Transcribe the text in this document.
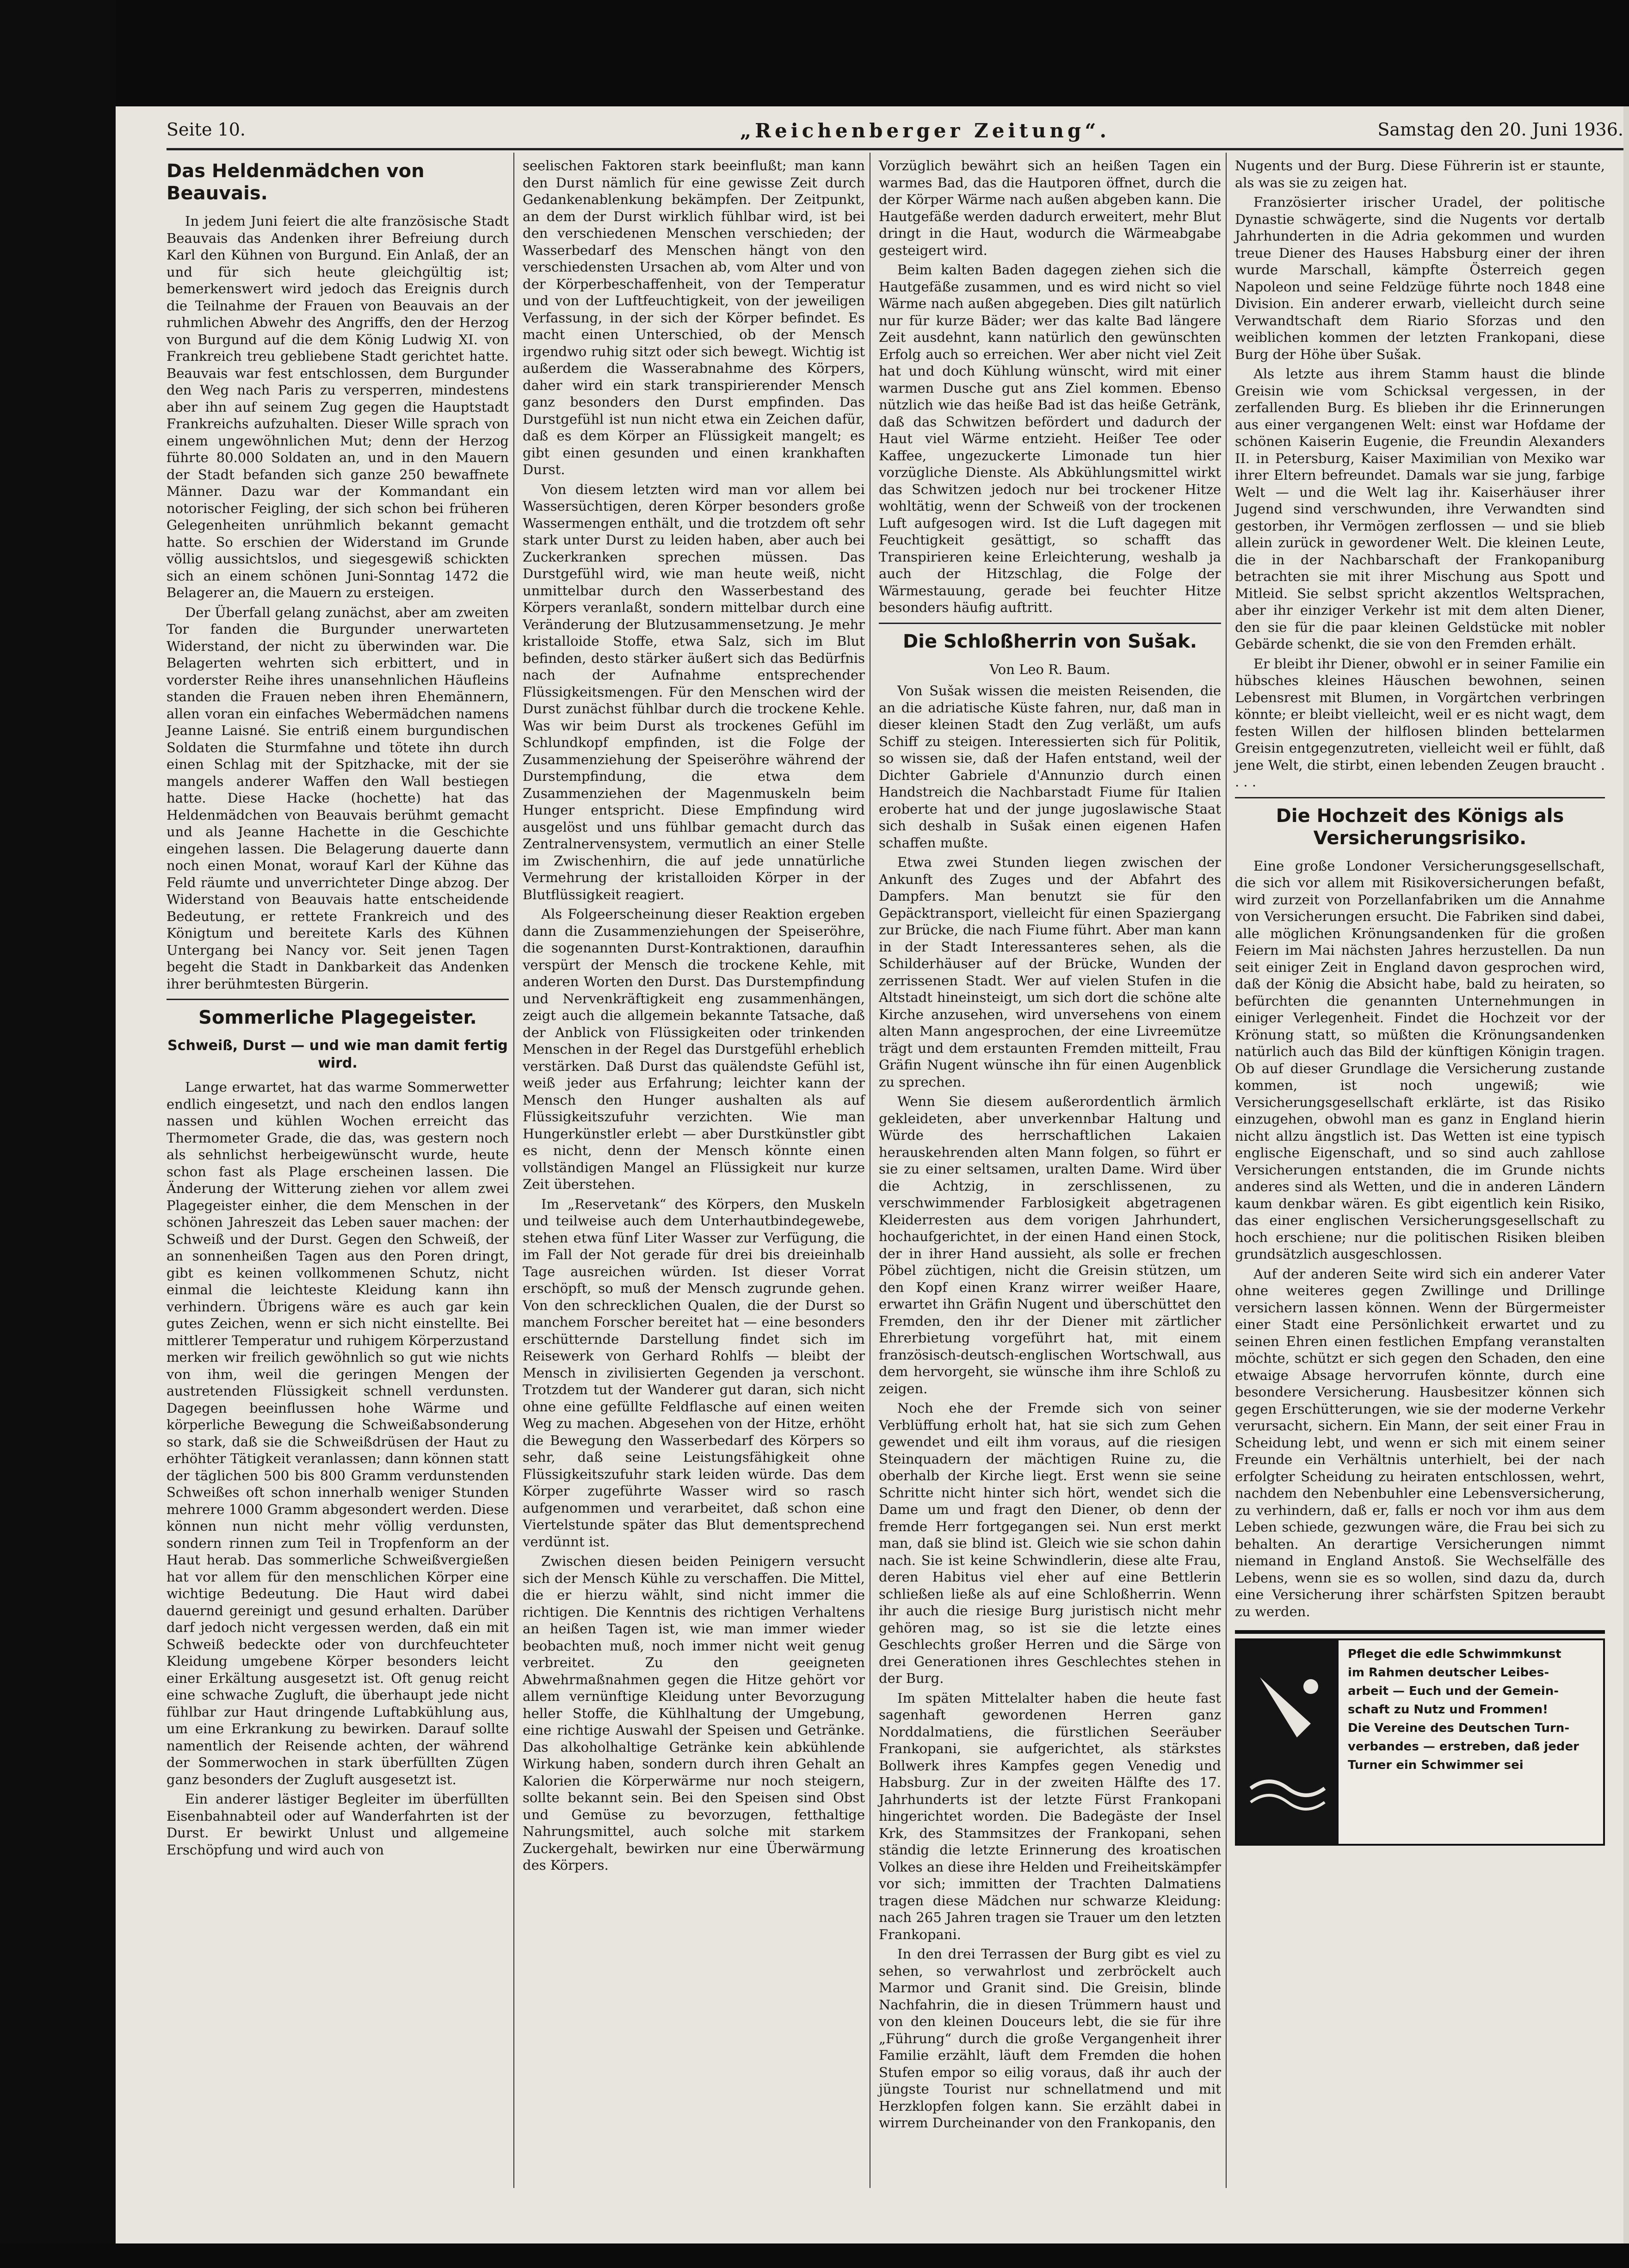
Seite 10.	„Reichenberger Zeitung“.	Samstag den 20. Juni 1936.
Das Heldenmädchen von Beauvais.

In jedem Juni feiert die alte französische Stadt Beauvais das Andenken ihrer Befreiung durch Karl den Kühnen von Burgund. Ein Anlaß, der an und für sich heute gleichgültig ist; bemerkenswert wird jedoch das Ereignis durch die Teilnahme der Frauen von Beauvais an der ruhmlichen Abwehr des Angriffs, den der Herzog von Burgund auf die dem König Ludwig XI. von Frankreich treu gebliebene Stadt gerichtet hatte. Beauvais war fest entschlossen, dem Burgunder den Weg nach Paris zu versperren, mindestens aber ihn auf seinem Zug gegen die Hauptstadt Frankreichs aufzuhalten. Dieser Wille sprach von einem ungewöhnlichen Mut; denn der Herzog führte 80.000 Soldaten an, und in den Mauern der Stadt befanden sich ganze 250 bewaffnete Männer. Dazu war der Kommandant ein notorischer Feigling, der sich schon bei früheren Gelegenheiten unrühmlich bekannt gemacht hatte. So erschien der Widerstand im Grunde völlig aussichtslos, und siegesgewiß schickten sich an einem schönen Juni-Sonntag 1472 die Belagerer an, die Mauern zu ersteigen.

Der Überfall gelang zunächst, aber am zweiten Tor fanden die Burgunder unerwarteten Widerstand, der nicht zu überwinden war. Die Belagerten wehrten sich erbittert, und in vorderster Reihe ihres unansehnlichen Häufleins standen die Frauen neben ihren Ehemännern, allen voran ein einfaches Webermädchen namens Jeanne Laisné. Sie entriß einem burgundischen Soldaten die Sturmfahne und tötete ihn durch einen Schlag mit der Spitzhacke, mit der sie mangels anderer Waffen den Wall bestiegen hatte. Diese Hacke (hochette) hat das Heldenmädchen von Beauvais berühmt gemacht und als Jeanne Hachette in die Geschichte eingehen lassen. Die Belagerung dauerte dann noch einen Monat, worauf Karl der Kühne das Feld räumte und unverrichteter Dinge abzog. Der Widerstand von Beauvais hatte entscheidende Bedeutung, er rettete Frankreich und des Königtum und bereitete Karls des Kühnen Untergang bei Nancy vor. Seit jenen Tagen begeht die Stadt in Dankbarkeit das Andenken ihrer berühmtesten Bürgerin.

Sommerliche Plagegeister.
Schweiß, Durst — und wie man damit fertig wird.

Lange erwartet, hat das warme Sommerwetter endlich eingesetzt, und nach den endlos langen nassen und kühlen Wochen erreicht das Thermometer Grade, die das, was gestern noch als sehnlichst herbeigewünscht wurde, heute schon fast als Plage erscheinen lassen. Die Änderung der Witterung ziehen vor allem zwei Plagegeister einher, die dem Menschen in der schönen Jahreszeit das Leben sauer machen: der Schweiß und der Durst. Gegen den Schweiß, der an sonnenheißen Tagen aus den Poren dringt, gibt es keinen vollkommenen Schutz, nicht einmal die leichteste Kleidung kann ihn verhindern. Übrigens wäre es auch gar kein gutes Zeichen, wenn er sich nicht einstellte. Bei mittlerer Temperatur und ruhigem Körperzustand merken wir freilich gewöhnlich so gut wie nichts von ihm, weil die geringen Mengen der austretenden Flüssigkeit schnell verdunsten. Dagegen beeinflussen hohe Wärme und körperliche Bewegung die Schweißabsonderung so stark, daß sie die Schweißdrüsen der Haut zu erhöhter Tätigkeit veranlassen; dann können statt der täglichen 500 bis 800 Gramm verdunstenden Schweißes oft schon innerhalb weniger Stunden mehrere 1000 Gramm abgesondert werden. Diese können nun nicht mehr völlig verdunsten, sondern rinnen zum Teil in Tropfenform an der Haut herab. Das sommerliche Schweißvergießen hat vor allem für den menschlichen Körper eine wichtige Bedeutung. Die Haut wird dabei dauernd gereinigt und gesund erhalten. Darüber darf jedoch nicht vergessen werden, daß ein mit Schweiß bedeckte oder von durchfeuchteter Kleidung umgebene Körper besonders leicht einer Erkältung ausgesetzt ist. Oft genug reicht eine schwache Zugluft, die überhaupt jede nicht fühlbar zur Haut dringende Luftabkühlung aus, um eine Erkrankung zu bewirken. Darauf sollte namentlich der Reisende achten, der während der Sommerwochen in stark überfüllten Zügen ganz besonders der Zugluft ausgesetzt ist.

Ein anderer lästiger Begleiter im überfüllten Eisenbahnabteil oder auf Wanderfahrten ist der Durst. Er bewirkt Unlust und allgemeine Erschöpfung und wird auch von

seelischen Faktoren stark beeinflußt; man kann den Durst nämlich für eine gewisse Zeit durch Gedankenablenkung bekämpfen. Der Zeitpunkt, an dem der Durst wirklich fühlbar wird, ist bei den verschiedenen Menschen verschieden; der Wasserbedarf des Menschen hängt von den verschiedensten Ursachen ab, vom Alter und von der Körperbeschaffenheit, von der Temperatur und von der Luftfeuchtigkeit, von der jeweiligen Verfassung, in der sich der Körper befindet. Es macht einen Unterschied, ob der Mensch irgendwo ruhig sitzt oder sich bewegt. Wichtig ist außerdem die Wasserabnahme des Körpers, daher wird ein stark transpirierender Mensch ganz besonders den Durst empfinden. Das Durstgefühl ist nun nicht etwa ein Zeichen dafür, daß es dem Körper an Flüssigkeit mangelt; es gibt einen gesunden und einen krankhaften Durst.

Von diesem letzten wird man vor allem bei Wassersüchtigen, deren Körper besonders große Wassermengen enthält, und die trotzdem oft sehr stark unter Durst zu leiden haben, aber auch bei Zuckerkranken sprechen müssen. Das Durstgefühl wird, wie man heute weiß, nicht unmittelbar durch den Wasserbestand des Körpers veranlaßt, sondern mittelbar durch eine Veränderung der Blutzusammensetzung. Je mehr kristalloide Stoffe, etwa Salz, sich im Blut befinden, desto stärker äußert sich das Bedürfnis nach der Aufnahme entsprechender Flüssigkeitsmengen. Für den Menschen wird der Durst zunächst fühlbar durch die trockene Kehle. Was wir beim Durst als trockenes Gefühl im Schlundkopf empfinden, ist die Folge der Zusammenziehung der Speiseröhre während der Durstempfindung, die etwa dem Zusammenziehen der Magenmuskeln beim Hunger entspricht. Diese Empfindung wird ausgelöst und uns fühlbar gemacht durch das Zentralnervensystem, vermutlich an einer Stelle im Zwischenhirn, die auf jede unnatürliche Vermehrung der kristalloiden Körper in der Blutflüssigkeit reagiert.

Als Folgeerscheinung dieser Reaktion ergeben dann die Zusammenziehungen der Speiseröhre, die sogenannten Durst-Kontraktionen, daraufhin verspürt der Mensch die trockene Kehle, mit anderen Worten den Durst. Das Durstempfindung und Nervenkräftigkeit eng zusammenhängen, zeigt auch die allgemein bekannte Tatsache, daß der Anblick von Flüssigkeiten oder trinkenden Menschen in der Regel das Durstgefühl erheblich verstärken. Daß Durst das quälendste Gefühl ist, weiß jeder aus Erfahrung; leichter kann der Mensch den Hunger aushalten als auf Flüssigkeitszufuhr verzichten. Wie man Hungerkünstler erlebt — aber Durstkünstler gibt es nicht, denn der Mensch könnte einen vollständigen Mangel an Flüssigkeit nur kurze Zeit überstehen.

Im „Reservetank“ des Körpers, den Muskeln und teilweise auch dem Unterhautbindegewebe, stehen etwa fünf Liter Wasser zur Verfügung, die im Fall der Not gerade für drei bis dreieinhalb Tage ausreichen würden. Ist dieser Vorrat erschöpft, so muß der Mensch zugrunde gehen. Von den schrecklichen Qualen, die der Durst so manchem Forscher bereitet hat — eine besonders erschütternde Darstellung findet sich im Reisewerk von Gerhard Rohlfs — bleibt der Mensch in zivilisierten Gegenden ja verschont. Trotzdem tut der Wanderer gut daran, sich nicht ohne eine gefüllte Feldflasche auf einen weiten Weg zu machen. Abgesehen von der Hitze, erhöht die Bewegung den Wasserbedarf des Körpers so sehr, daß seine Leistungsfähigkeit ohne Flüssigkeitszufuhr stark leiden würde. Das dem Körper zugeführte Wasser wird so rasch aufgenommen und verarbeitet, daß schon eine Viertelstunde später das Blut dementsprechend verdünnt ist.

Zwischen diesen beiden Peinigern versucht sich der Mensch Kühle zu verschaffen. Die Mittel, die er hierzu wählt, sind nicht immer die richtigen. Die Kenntnis des richtigen Verhaltens an heißen Tagen ist, wie man immer wieder beobachten muß, noch immer nicht weit genug verbreitet. Zu den geeigneten Abwehrmaßnahmen gegen die Hitze gehört vor allem vernünftige Kleidung unter Bevorzugung heller Stoffe, die Kühlhaltung der Umgebung, eine richtige Auswahl der Speisen und Getränke. Das alkoholhaltige Getränke kein abkühlende Wirkung haben, sondern durch ihren Gehalt an Kalorien die Körperwärme nur noch steigern, sollte bekannt sein. Bei den Speisen sind Obst und Gemüse zu bevorzugen, fetthaltige Nahrungsmittel, auch solche mit starkem Zuckergehalt, bewirken nur eine Überwärmung des Körpers.

Vorzüglich bewährt sich an heißen Tagen ein warmes Bad, das die Hautporen öffnet, durch die der Körper Wärme nach außen abgeben kann. Die Hautgefäße werden dadurch erweitert, mehr Blut dringt in die Haut, wodurch die Wärmeabgabe gesteigert wird.

Beim kalten Baden dagegen ziehen sich die Hautgefäße zusammen, und es wird nicht so viel Wärme nach außen abgegeben. Dies gilt natürlich nur für kurze Bäder; wer das kalte Bad längere Zeit ausdehnt, kann natürlich den gewünschten Erfolg auch so erreichen. Wer aber nicht viel Zeit hat und doch Kühlung wünscht, wird mit einer warmen Dusche gut ans Ziel kommen. Ebenso nützlich wie das heiße Bad ist das heiße Getränk, daß das Schwitzen befördert und dadurch der Haut viel Wärme entzieht. Heißer Tee oder Kaffee, ungezuckerte Limonade tun hier vorzügliche Dienste. Als Abkühlungsmittel wirkt das Schwitzen jedoch nur bei trockener Hitze wohltätig, wenn der Schweiß von der trockenen Luft aufgesogen wird. Ist die Luft dagegen mit Feuchtigkeit gesättigt, so schafft das Transpirieren keine Erleichterung, weshalb ja auch der Hitzschlag, die Folge der Wärmestauung, gerade bei feuchter Hitze besonders häufig auftritt.

Die Schloßherrin von Sušak.
Von Leo R. Baum.

Von Sušak wissen die meisten Reisenden, die an die adriatische Küste fahren, nur, daß man in dieser kleinen Stadt den Zug verläßt, um aufs Schiff zu steigen. Interessierten sich für Politik, so wissen sie, daß der Hafen entstand, weil der Dichter Gabriele d'Annunzio durch einen Handstreich die Nachbarstadt Fiume für Italien eroberte hat und der junge jugoslawische Staat sich deshalb in Sušak einen eigenen Hafen schaffen mußte.

Etwa zwei Stunden liegen zwischen der Ankunft des Zuges und der Abfahrt des Dampfers. Man benutzt sie für den Gepäcktransport, vielleicht für einen Spaziergang zur Brücke, die nach Fiume führt. Aber man kann in der Stadt Interessanteres sehen, als die Schilderhäuser auf der Brücke, Wunden der zerrissenen Stadt. Wer auf vielen Stufen in die Altstadt hineinsteigt, um sich dort die schöne alte Kirche anzusehen, wird unversehens von einem alten Mann angesprochen, der eine Livreemütze trägt und dem erstaunten Fremden mitteilt, Frau Gräfin Nugent wünsche ihn für einen Augenblick zu sprechen.

Wenn Sie diesem außerordentlich ärmlich gekleideten, aber unverkennbar Haltung und Würde des herrschaftlichen Lakaien herauskehrenden alten Mann folgen, so führt er sie zu einer seltsamen, uralten Dame. Wird über die Achtzig, in zerschlissenen, zu verschwimmender Farblosigkeit abgetragenen Kleiderresten aus dem vorigen Jahrhundert, hochaufgerichtet, in der einen Hand einen Stock, der in ihrer Hand aussieht, als solle er frechen Pöbel züchtigen, nicht die Greisin stützen, um den Kopf einen Kranz wirrer weißer Haare, erwartet ihn Gräfin Nugent und überschüttet den Fremden, den ihr der Diener mit zärtlicher Ehrerbietung vorgeführt hat, mit einem französisch-deutsch-englischen Wortschwall, aus dem hervorgeht, sie wünsche ihm ihre Schloß zu zeigen.

Noch ehe der Fremde sich von seiner Verblüffung erholt hat, hat sie sich zum Gehen gewendet und eilt ihm voraus, auf die riesigen Steinquadern der mächtigen Ruine zu, die oberhalb der Kirche liegt. Erst wenn sie seine Schritte nicht hinter sich hört, wendet sich die Dame um und fragt den Diener, ob denn der fremde Herr fortgegangen sei. Nun erst merkt man, daß sie blind ist. Gleich wie sie schon dahin nach. Sie ist keine Schwindlerin, diese alte Frau, deren Habitus viel eher auf eine Bettlerin schließen ließe als auf eine Schloßherrin. Wenn ihr auch die riesige Burg juristisch nicht mehr gehören mag, so ist sie die letzte eines Geschlechts großer Herren und die Särge von drei Generationen ihres Geschlechtes stehen in der Burg.

Im späten Mittelalter haben die heute fast sagenhaft gewordenen Herren ganz Norddalmatiens, die fürstlichen Seeräuber Frankopani, sie aufgerichtet, als stärkstes Bollwerk ihres Kampfes gegen Venedig und Habsburg. Zur in der zweiten Hälfte des 17. Jahrhunderts ist der letzte Fürst Frankopani hingerichtet worden. Die Badegäste der Insel Krk, des Stammsitzes der Frankopani, sehen ständig die letzte Erinnerung des kroatischen Volkes an diese ihre Helden und Freiheitskämpfer vor sich; immitten der Trachten Dalmatiens tragen diese Mädchen nur schwarze Kleidung: nach 265 Jahren tragen sie Trauer um den letzten Frankopani.

In den drei Terrassen der Burg gibt es viel zu sehen, so verwahrlost und zerbröckelt auch Marmor und Granit sind. Die Greisin, blinde Nachfahrin, die in diesen Trümmern haust und von den kleinen Douceurs lebt, die sie für ihre „Führung“ durch die große Vergangenheit ihrer Familie erzählt, läuft dem Fremden die hohen Stufen empor so eilig voraus, daß ihr auch der jüngste Tourist nur schnellatmend und mit Herzklopfen folgen kann. Sie erzählt dabei in wirrem Durcheinander von den Frankopanis, den

Nugents und der Burg. Diese Führerin ist er staunte, als was sie zu zeigen hat.

Französierter irischer Uradel, der politische Dynastie schwägerte, sind die Nugents vor dertalb Jahrhunderten in die Adria gekommen und wurden treue Diener des Hauses Habsburg einer der ihren wurde Marschall, kämpfte Österreich gegen Napoleon und seine Feldzüge führte noch 1848 eine Division. Ein anderer erwarb, vielleicht durch seine Verwandtschaft dem Riario Sforzas und den weiblichen kommen der letzten Frankopani, diese Burg der Höhe über Sušak.

Als letzte aus ihrem Stamm haust die blinde Greisin wie vom Schicksal vergessen, in der zerfallenden Burg. Es blieben ihr die Erinnerungen aus einer vergangenen Welt: einst war Hofdame der schönen Kaiserin Eugenie, die Freundin Alexanders II. in Petersburg, Kaiser Maximilian von Mexiko war ihrer Eltern befreundet. Damals war sie jung, farbige Welt — und die Welt lag ihr. Kaiserhäuser ihrer Jugend sind verschwunden, ihre Verwandten sind gestorben, ihr Vermögen zerflossen — und sie blieb allein zurück in gewordener Welt. Die kleinen Leute, die in der Nachbarschaft der Frankopaniburg betrachten sie mit ihrer Mischung aus Spott und Mitleid. Sie selbst spricht akzentlos Weltsprachen, aber ihr einziger Verkehr ist mit dem alten Diener, den sie für die paar kleinen Geldstücke mit nobler Gebärde schenkt, die sie von den Fremden erhält.

Er bleibt ihr Diener, obwohl er in seiner Familie ein hübsches kleines Häuschen bewohnen, seinen Lebensrest mit Blumen, in Vorgärtchen verbringen könnte; er bleibt vielleicht, weil er es nicht wagt, dem festen Willen der hilflosen blinden bettelarmen Greisin entgegenzutreten, vielleicht weil er fühlt, daß jene Welt, die stirbt, einen lebenden Zeugen braucht . . . .

Die Hochzeit des Königs als Versicherungsrisiko.

Eine große Londoner Versicherungsgesellschaft, die sich vor allem mit Risikoversicherungen befaßt, wird zurzeit von Porzellanfabriken um die Annahme von Versicherungen ersucht. Die Fabriken sind dabei, alle möglichen Krönungsandenken für die großen Feiern im Mai nächsten Jahres herzustellen. Da nun seit einiger Zeit in England davon gesprochen wird, daß der König die Absicht habe, bald zu heiraten, so befürchten die genannten Unternehmungen in einiger Verlegenheit. Findet die Hochzeit vor der Krönung statt, so müßten die Krönungsandenken natürlich auch das Bild der künftigen Königin tragen. Ob auf dieser Grundlage die Versicherung zustande kommen, ist noch ungewiß; wie Versicherungsgesellschaft erklärte, ist das Risiko einzugehen, obwohl man es ganz in England hierin nicht allzu ängstlich ist. Das Wetten ist eine typisch englische Eigenschaft, und so sind auch zahllose Versicherungen entstanden, die im Grunde nichts anderes sind als Wetten, und die in anderen Ländern kaum denkbar wären. Es gibt eigentlich kein Risiko, das einer englischen Versicherungsgesellschaft zu hoch erschiene; nur die politischen Risiken bleiben grundsätzlich ausgeschlossen.

Auf der anderen Seite wird sich ein anderer Vater ohne weiteres gegen Zwillinge und Drillinge versichern lassen können. Wenn der Bürgermeister einer Stadt eine Persönlichkeit erwartet und zu seinen Ehren einen festlichen Empfang veranstalten möchte, schützt er sich gegen den Schaden, den eine etwaige Absage hervorrufen könnte, durch eine besondere Versicherung. Hausbesitzer können sich gegen Erschütterungen, wie sie der moderne Verkehr verursacht, sichern. Ein Mann, der seit einer Frau in Scheidung lebt, und wenn er sich mit einem seiner Freunde ein Verhältnis unterhielt, bei der nach erfolgter Scheidung zu heiraten entschlossen, wehrt, nachdem den Nebenbuhler eine Lebensversicherung, zu verhindern, daß er, falls er noch vor ihm aus dem Leben schiede, gezwungen wäre, die Frau bei sich zu behalten. An derartige Versicherungen nimmt niemand in England Anstoß. Sie Wechselfälle des Lebens, wenn sie es so wollen, sind dazu da, durch eine Versicherung ihrer schärfsten Spitzen beraubt zu werden.

Pfleget die edle Schwimmkunst
im Rahmen deutscher Leibes-
arbeit — Euch und der Gemein-
schaft zu Nutz und Frommen!
Die Vereine des Deutschen Turn-
verbandes — erstreben, daß jeder
Turner ein Schwimmer sei
